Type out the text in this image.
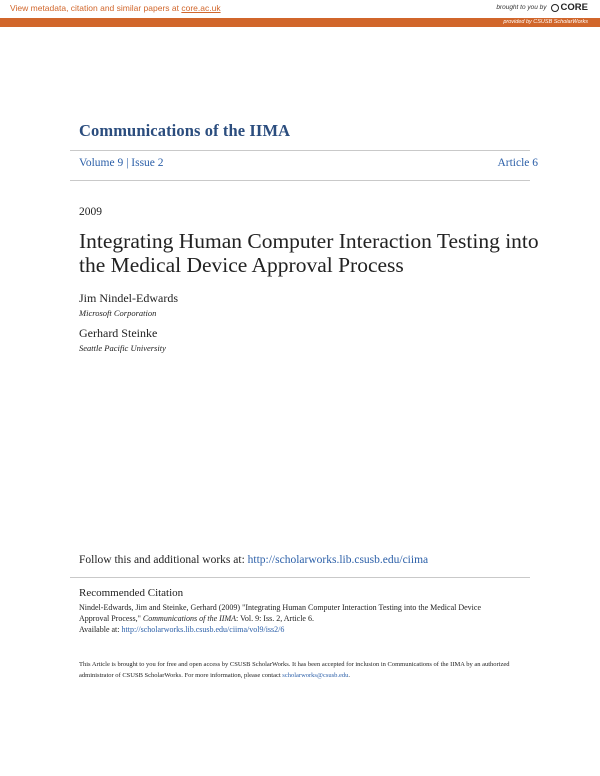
View metadata, citation and similar papers at core.ac.uk	brought to you by CORE
provided by CSUSB ScholarWorks
Communications of the IIMA
Volume 9 | Issue 2	Article 6
2009
Integrating Human Computer Interaction Testing into the Medical Device Approval Process
Jim Nindel-Edwards
Microsoft Corporation
Gerhard Steinke
Seattle Pacific University
Follow this and additional works at: http://scholarworks.lib.csusb.edu/ciima
Recommended Citation
Nindel-Edwards, Jim and Steinke, Gerhard (2009) "Integrating Human Computer Interaction Testing into the Medical Device
Approval Process," Communications of the IIMA: Vol. 9: Iss. 2, Article 6.
Available at: http://scholarworks.lib.csusb.edu/ciima/vol9/iss2/6
This Article is brought to you for free and open access by CSUSB ScholarWorks. It has been accepted for inclusion in Communications of the IIMA by an authorized administrator of CSUSB ScholarWorks. For more information, please contact scholarworks@csusb.edu.
